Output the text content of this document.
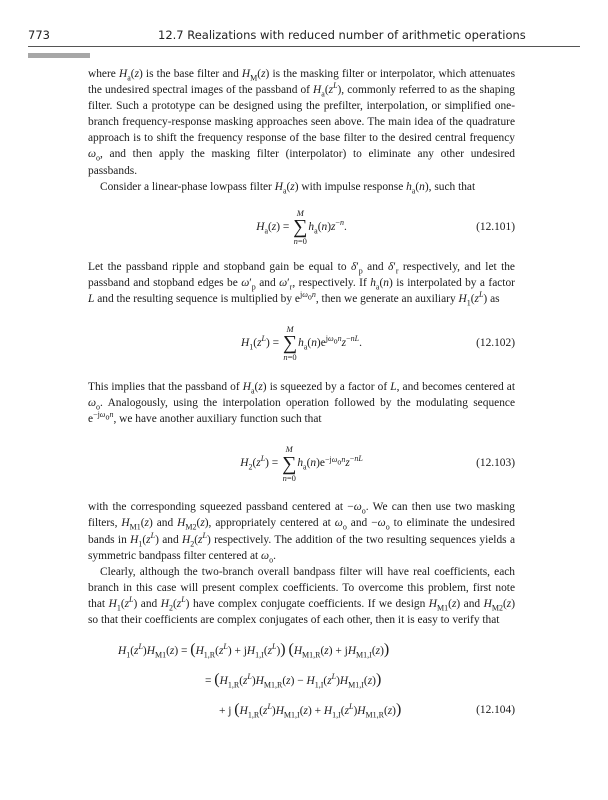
773	12.7 Realizations with reduced number of arithmetic operations

where $H_a(z)$ is the base filter and $H_M(z)$ is the masking filter or interpolator, which attenuates the undesired spectral images of the passband of $H_a(z^L)$, commonly referred to as the shaping filter. Such a prototype can be designed using the prefilter, interpolation, or simplified one-branch frequency-response masking approaches seen above. The main idea of the quadrature approach is to shift the frequency response of the base filter to the desired central frequency $\omega_o$, and then apply the masking filter (interpolator) to eliminate any other undesired passbands.

Consider a linear-phase lowpass filter $H_a(z)$ with impulse response $h_a(n)$, such that

$H_a(z)$ =
M
∑
n=0
$h_a(n)z^{-n}$.	(12.101)

Let the passband ripple and stopband gain be equal to $\delta'_p$ and $\delta'_r$ respectively, and let the passband and stopband edges be $\omega'_p$ and $\omega'_r$, respectively. If $h_a(n)$ is interpolated by a factor L and the resulting sequence is multiplied by $e^{j\omega_on}$, then we generate an auxiliary $H_1(z^L)$ as

$H_1(z^L)$ =
M
∑
n=0
$h_a(n)e^{j\omega_on}z^{-nL}$.	(12.102)

This implies that the passband of $H_a(z)$ is squeezed by a factor of L, and becomes centered at $\omega_o$. Analogously, using the interpolation operation followed by the modulating sequence $e^{-j\omega_on}$, we have another auxiliary function such that

$H_2(z^L)$ =
M
∑
n=0
$h_a(n)e^{-j\omega_on}z^{-nL}$	(12.103)

with the corresponding squeezed passband centered at $-\omega_o$. We can then use two masking filters, $H_{M1}(z)$ and $H_{M2}(z)$, appropriately centered at $\omega_o$ and $-\omega_o$ to eliminate the undesired bands in $H_1(z^L)$ and $H_2(z^L)$ respectively. The addition of the two resulting sequences yields a symmetric bandpass filter centered at $\omega_o$.

Clearly, although the two-branch overall bandpass filter will have real coefficients, each branch in this case will present complex coefficients. To overcome this problem, first note that $H_1(z^L)$ and $H_2(z^L)$ have complex conjugate coefficients. If we design $H_{M1}(z)$ and $H_{M2}(z)$ so that their coefficients are complex conjugates of each other, then it is easy to verify that

$H_1(z^L)H_{M1}(z) = (H_{1,R}(z^L) + jH_{1,I}(z^L)) (H_{M1,R}(z) + jH_{M1,I}(z))$
= $(H_{1,R}(z^L)H_{M1,R}(z) - H_{1,I}(z^L)H_{M1,I}(z))$
+ j $(H_{1,R}(z^L)H_{M1,I}(z) + H_{1,I}(z^L)H_{M1,R}(z))$	(12.104)
